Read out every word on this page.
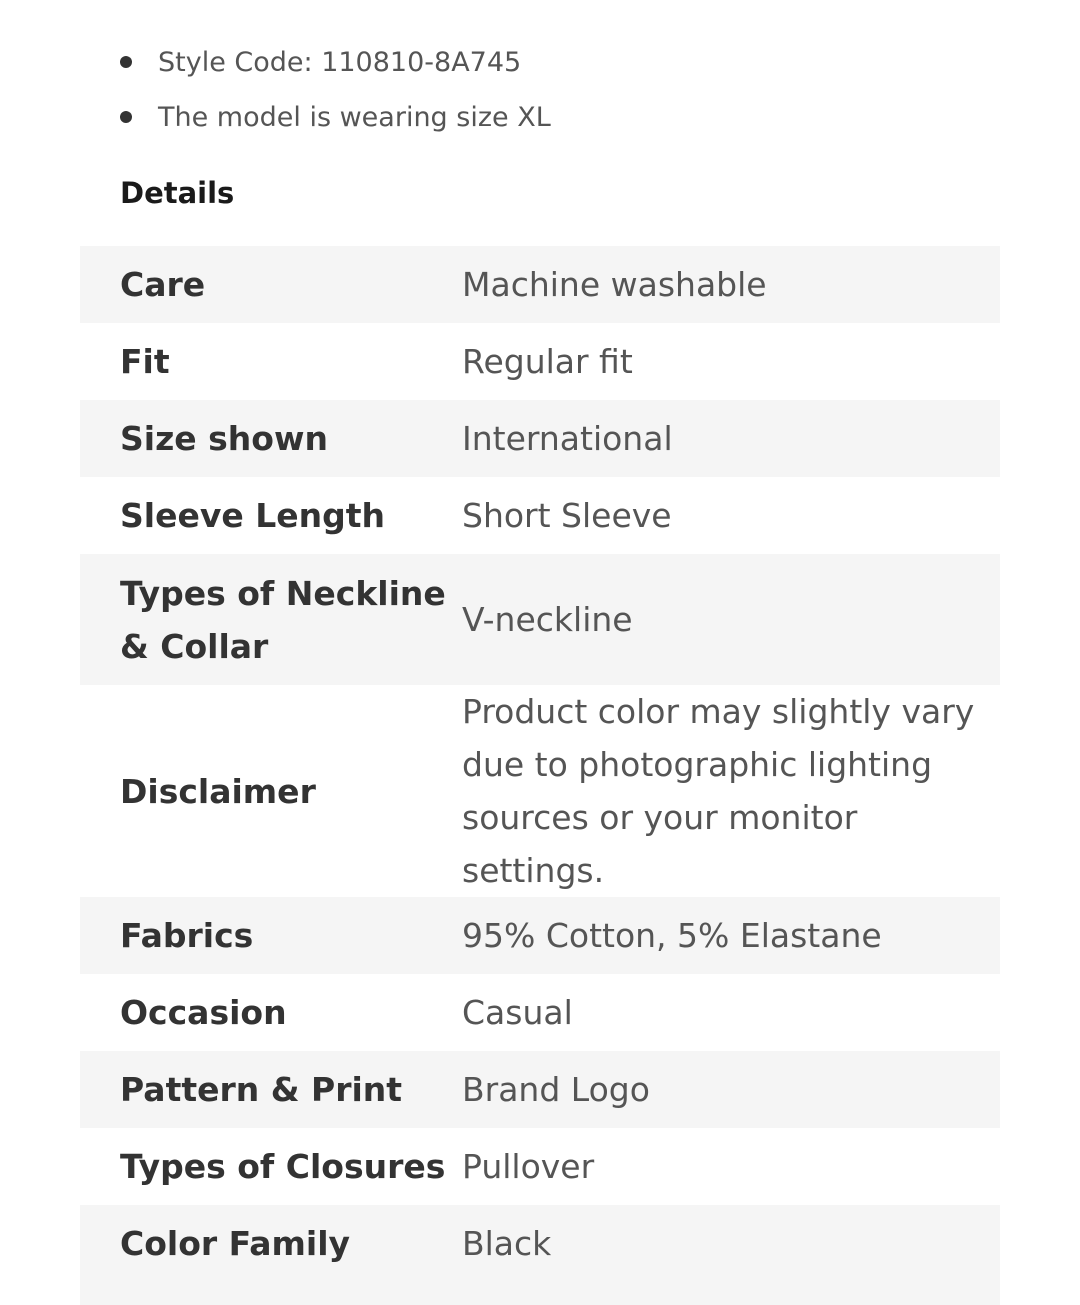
Style Code: 110810-8A745
The model is wearing size XL
Details
Care	Machine washable
Fit	Regular fit
Size shown	International
Sleeve Length	Short Sleeve
Types of Neckline & Collar	V-neckline
Disclaimer	Product color may slightly vary due to photographic lighting sources or your monitor settings.
Fabrics	95% Cotton, 5% Elastane
Occasion	Casual
Pattern & Print	Brand Logo
Types of Closures	Pullover
Color Family	Black
